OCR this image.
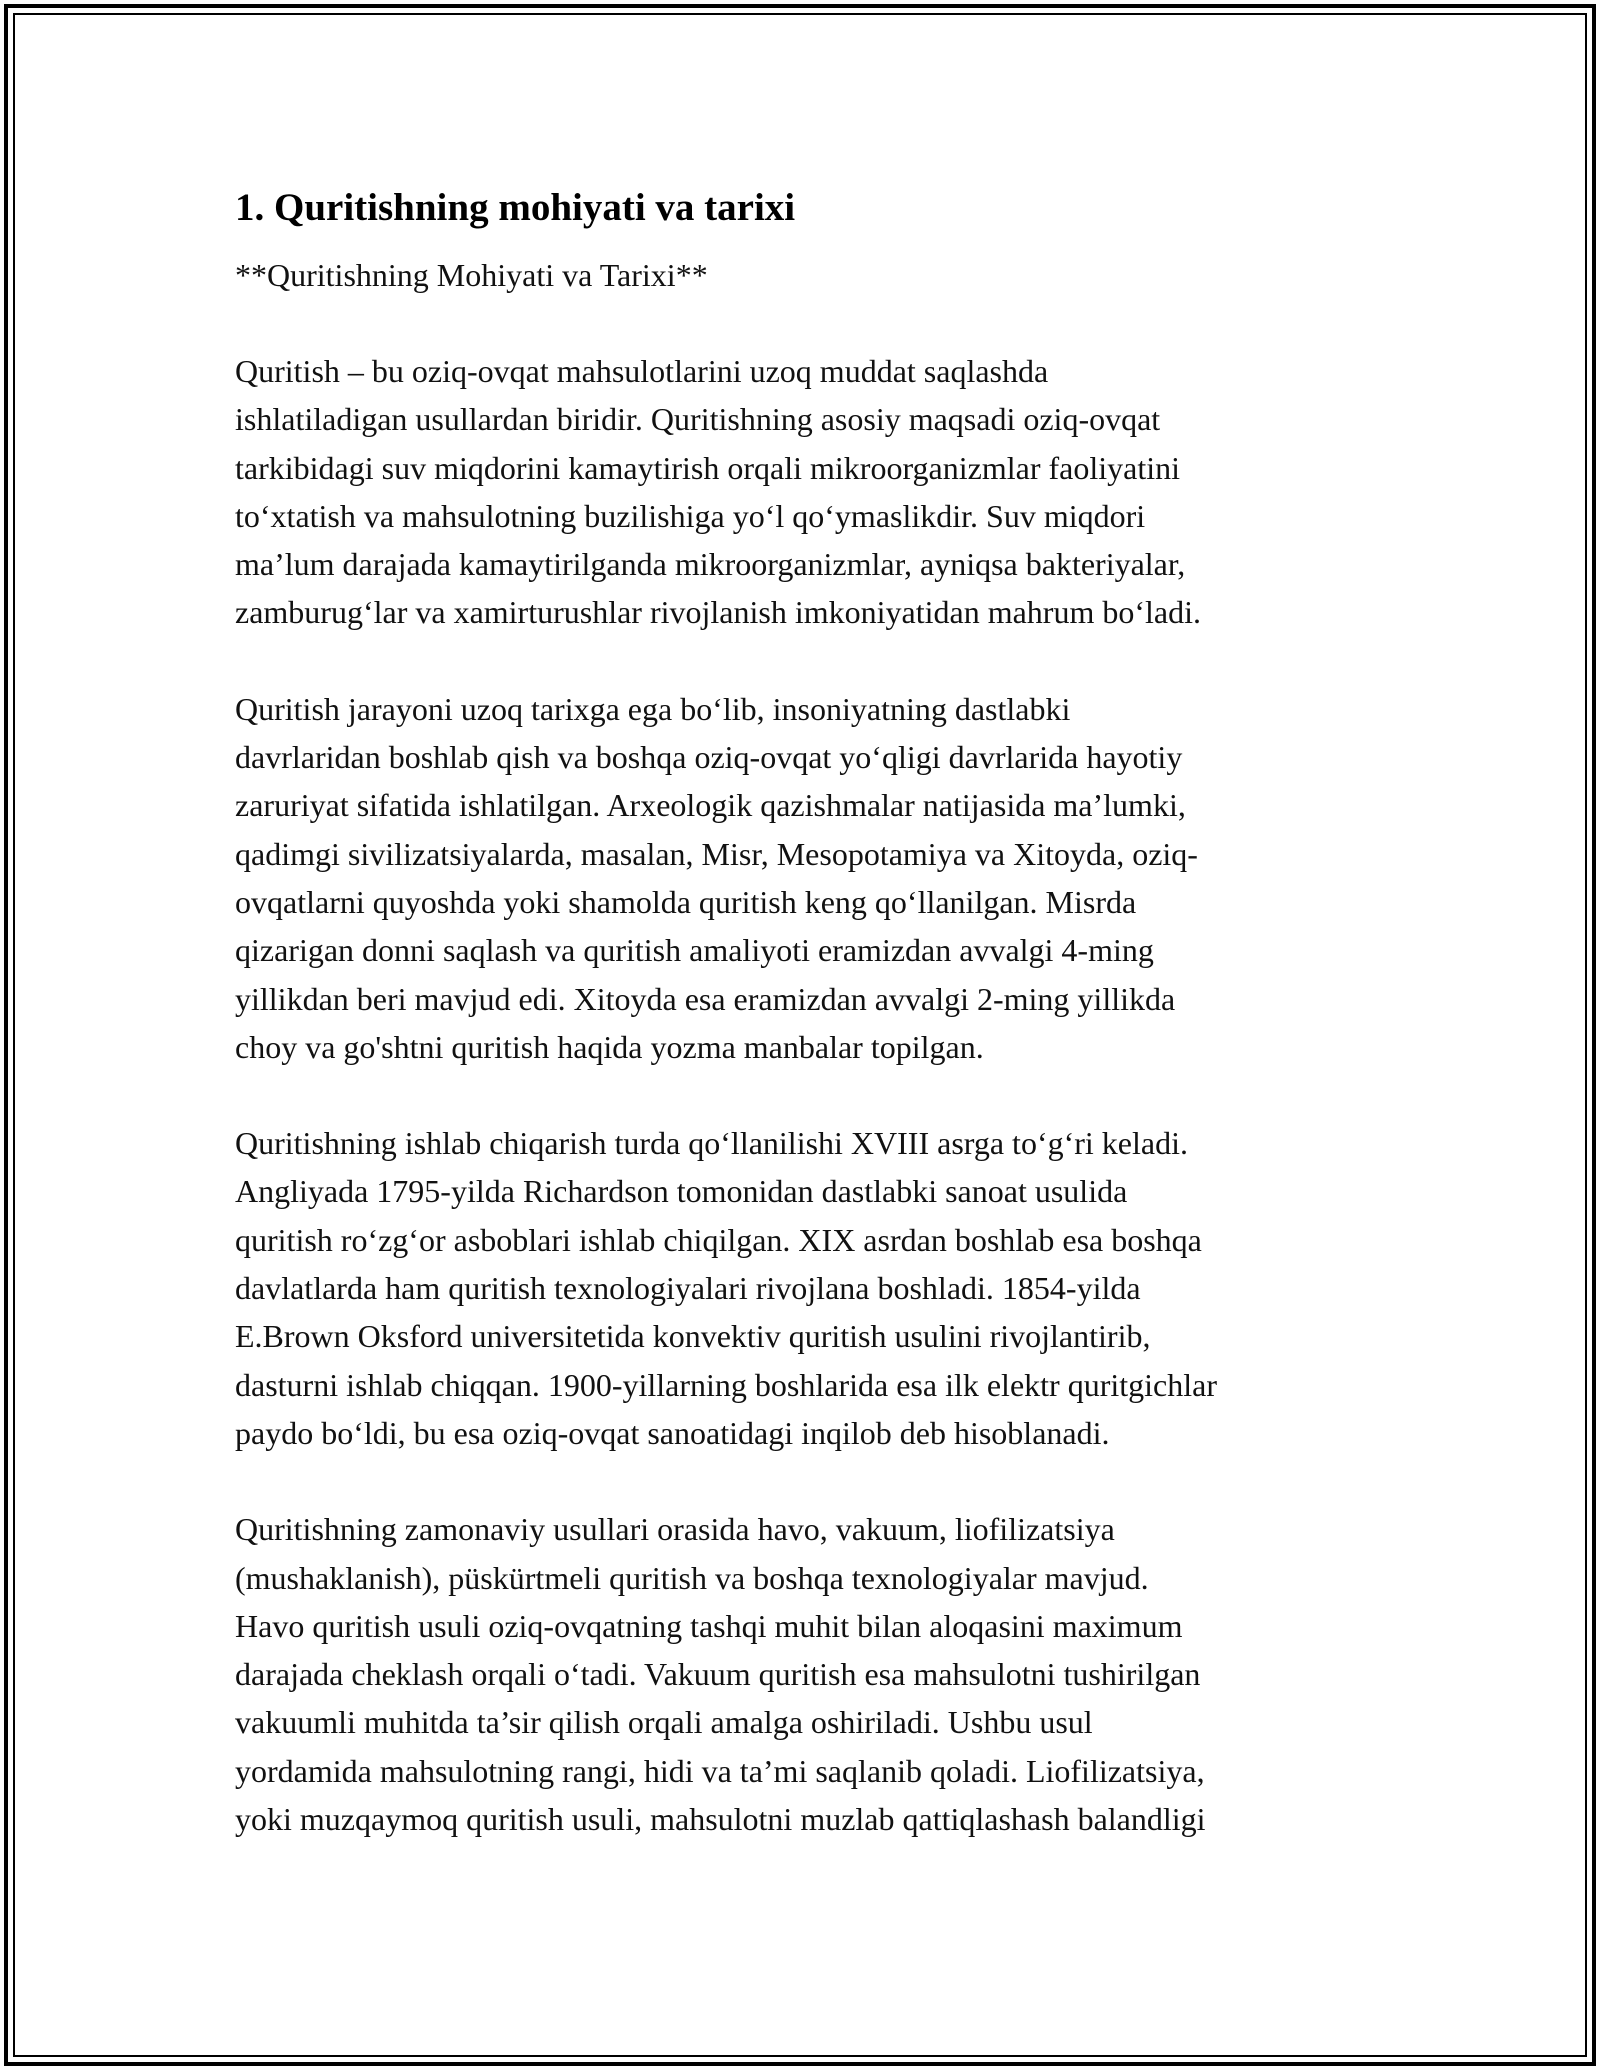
1. Quritishning mohiyati va tarixi

**Quritishning Mohiyati va Tarixi**

Quritish – bu oziq-ovqat mahsulotlarini uzoq muddat saqlashda
ishlatiladigan usullardan biridir. Quritishning asosiy maqsadi oziq-ovqat
tarkibidagi suv miqdorini kamaytirish orqali mikroorganizmlar faoliyatini
to‘xtatish va mahsulotning buzilishiga yo‘l qo‘ymaslikdir. Suv miqdori
ma’lum darajada kamaytirilganda mikroorganizmlar, ayniqsa bakteriyalar,
zamburug‘lar va xamirturushlar rivojlanish imkoniyatidan mahrum bo‘ladi.

Quritish jarayoni uzoq tarixga ega bo‘lib, insoniyatning dastlabki
davrlaridan boshlab qish va boshqa oziq-ovqat yo‘qligi davrlarida hayotiy
zaruriyat sifatida ishlatilgan. Arxeologik qazishmalar natijasida ma’lumki,
qadimgi sivilizatsiyalarda, masalan, Misr, Mesopotamiya va Xitoyda, oziq-
ovqatlarni quyoshda yoki shamolda quritish keng qo‘llanilgan. Misrda
qizarigan donni saqlash va quritish amaliyoti eramizdan avvalgi 4-ming
yillikdan beri mavjud edi. Xitoyda esa eramizdan avvalgi 2-ming yillikda
choy va go'shtni quritish haqida yozma manbalar topilgan.

Quritishning ishlab chiqarish turda qo‘llanilishi XVIII asrga to‘g‘ri keladi.
Angliyada 1795-yilda Richardson tomonidan dastlabki sanoat usulida
quritish ro‘zg‘or asboblari ishlab chiqilgan. XIX asrdan boshlab esa boshqa
davlatlarda ham quritish texnologiyalari rivojlana boshladi. 1854-yilda
E.Brown Oksford universitetida konvektiv quritish usulini rivojlantirib,
dasturni ishlab chiqqan. 1900-yillarning boshlarida esa ilk elektr quritgichlar
paydo bo‘ldi, bu esa oziq-ovqat sanoatidagi inqilob deb hisoblanadi.

Quritishning zamonaviy usullari orasida havo, vakuum, liofilizatsiya
(mushaklanish), püskürtmeli quritish va boshqa texnologiyalar mavjud.
Havo quritish usuli oziq-ovqatning tashqi muhit bilan aloqasini maximum
darajada cheklash orqali o‘tadi. Vakuum quritish esa mahsulotni tushirilgan
vakuumli muhitda ta’sir qilish orqali amalga oshiriladi. Ushbu usul
yordamida mahsulotning rangi, hidi va ta’mi saqlanib qoladi. Liofilizatsiya,
yoki muzqaymoq quritish usuli, mahsulotni muzlab qattiqlashash balandligi
